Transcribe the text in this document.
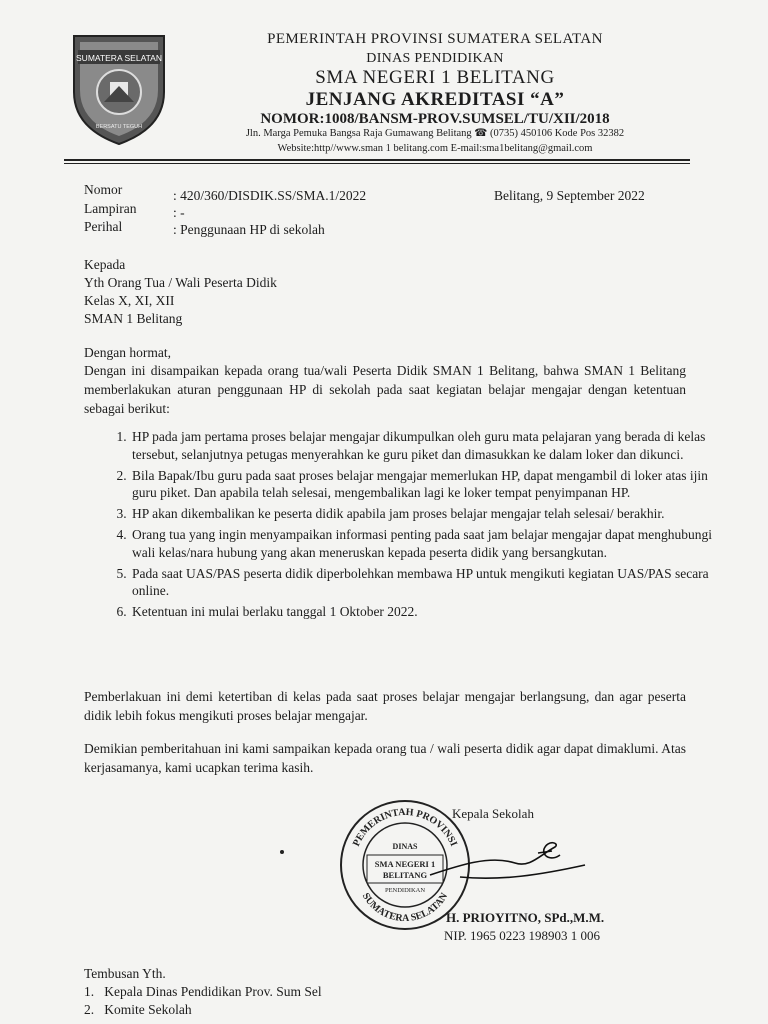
SUMATERA SELATAN
BERSATU TEGUH
PEMERINTAH PROVINSI SUMATERA SELATAN
DINAS PENDIDIKAN
SMA NEGERI 1 BELITANG
JENJANG AKREDITASI “A”
NOMOR:1008/BANSM-PROV.SUMSEL/TU/XII/2018
Jln. Marga Pemuka Bangsa Raja Gumawang Belitang ☎ (0735) 450106 Kode Pos 32382
Website:http//www.sman 1 belitang.com E-mail:sma1belitang@gmail.com
Nomor	: 420/360/DISDIK.SS/SMA.1/2022
Lampiran	: -
Perihal	: Penggunaan HP di sekolah
Belitang, 9 September 2022
Kepada
Yth Orang Tua / Wali Peserta Didik
Kelas X, XI, XII
SMAN 1 Belitang
Dengan hormat,
Dengan ini disampaikan kepada orang tua/wali Peserta Didik SMAN 1 Belitang, bahwa SMAN 1 Belitang memberlakukan aturan penggunaan HP di sekolah pada saat kegiatan belajar mengajar dengan ketentuan sebagai berikut:
1. HP pada jam pertama proses belajar mengajar dikumpulkan oleh guru mata pelajaran yang berada di kelas tersebut, selanjutnya petugas menyerahkan ke guru piket dan dimasukkan ke dalam loker dan dikunci.
2. Bila Bapak/Ibu guru pada saat proses belajar mengajar memerlukan HP, dapat mengambil di loker atas ijin guru piket. Dan apabila telah selesai, mengembalikan lagi ke loker tempat penyimpanan HP.
3. HP akan dikembalikan ke peserta didik apabila jam proses belajar mengajar telah selesai/ berakhir.
4. Orang tua yang ingin menyampaikan informasi penting pada saat jam belajar mengajar dapat menghubungi wali kelas/nara hubung yang akan meneruskan kepada peserta didik yang bersangkutan.
5. Pada saat UAS/PAS peserta didik diperbolehkan membawa HP untuk mengikuti kegiatan UAS/PAS secara online.
6. Ketentuan ini mulai berlaku tanggal 1 Oktober 2022.
Pemberlakuan ini demi ketertiban di kelas pada saat proses belajar mengajar berlangsung, dan agar peserta didik lebih fokus mengikuti proses belajar mengajar.
Demikian pemberitahuan ini kami sampaikan kepada orang tua / wali peserta didik agar dapat dimaklumi. Atas kerjasamanya, kami ucapkan terima kasih.
Kepala Sekolah
PEMERINTAH PROVINSI
SUMATERA SELATAN
DINAS
SMA NEGERI 1
BELITANG
PENDIDIKAN
H. PRIOYITNO, SPd.,M.M.
NIP. 1965 0223 198903 1 006
Tembusan Yth.
1.   Kepala Dinas Pendidikan Prov. Sum Sel
2.   Komite Sekolah
